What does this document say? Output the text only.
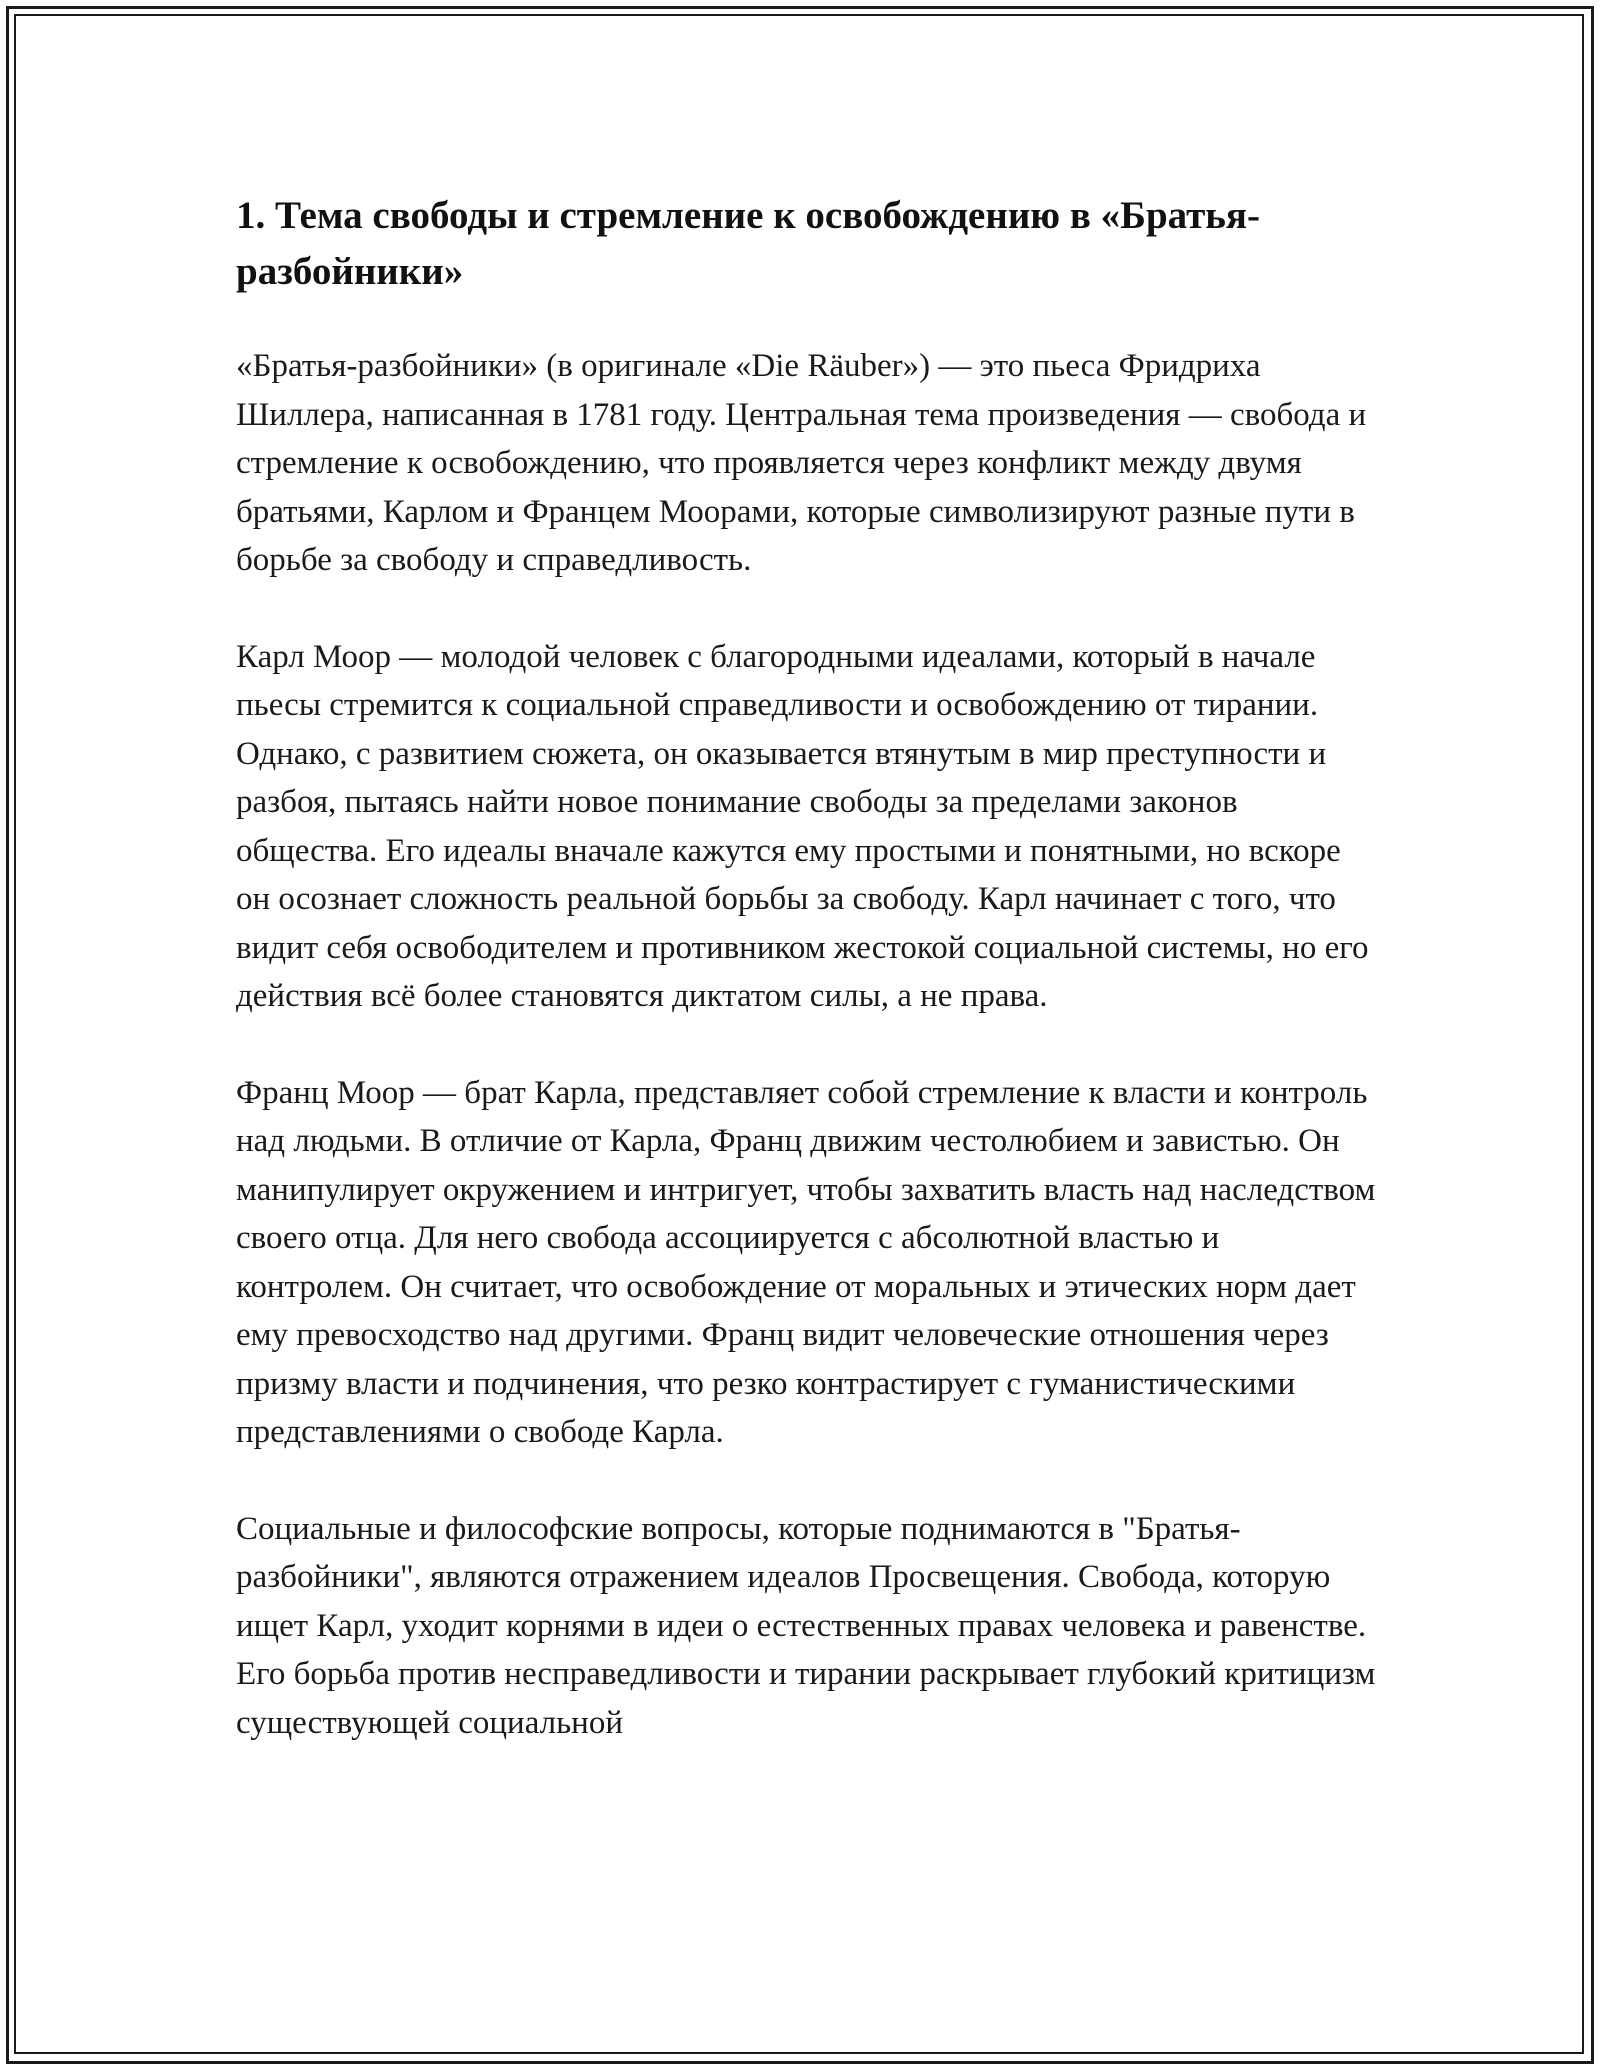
1. Тема свободы и стремление к освобождению в «Братья-разбойники»

«Братья-разбойники» (в оригинале «Die Räuber») — это пьеса Фридриха Шиллера, написанная в 1781 году. Центральная тема произведения — свобода и стремление к освобождению, что проявляется через конфликт между двумя братьями, Карлом и Францем Моорами, которые символизируют разные пути в борьбе за свободу и справедливость.

Карл Моор — молодой человек с благородными идеалами, который в начале пьесы стремится к социальной справедливости и освобождению от тирании. Однако, с развитием сюжета, он оказывается втянутым в мир преступности и разбоя, пытаясь найти новое понимание свободы за пределами законов общества. Его идеалы вначале кажутся ему простыми и понятными, но вскоре он осознает сложность реальной борьбы за свободу. Карл начинает с того, что видит себя освободителем и противником жестокой социальной системы, но его действия всё более становятся диктатом силы, а не права.

Франц Моор — брат Карла, представляет собой стремление к власти и контроль над людьми. В отличие от Карла, Франц движим честолюбием и завистью. Он манипулирует окружением и интригует, чтобы захватить власть над наследством своего отца. Для него свобода ассоциируется с абсолютной властью и контролем. Он считает, что освобождение от моральных и этических норм дает ему превосходство над другими. Франц видит человеческие отношения через призму власти и подчинения, что резко контрастирует с гуманистическими представлениями о свободе Карла.

Социальные и философские вопросы, которые поднимаются в "Братья-разбойники", являются отражением идеалов Просвещения. Свобода, которую ищет Карл, уходит корнями в идеи о естественных правах человека и равенстве. Его борьба против несправедливости и тирании раскрывает глубокий критицизм существующей социальной
